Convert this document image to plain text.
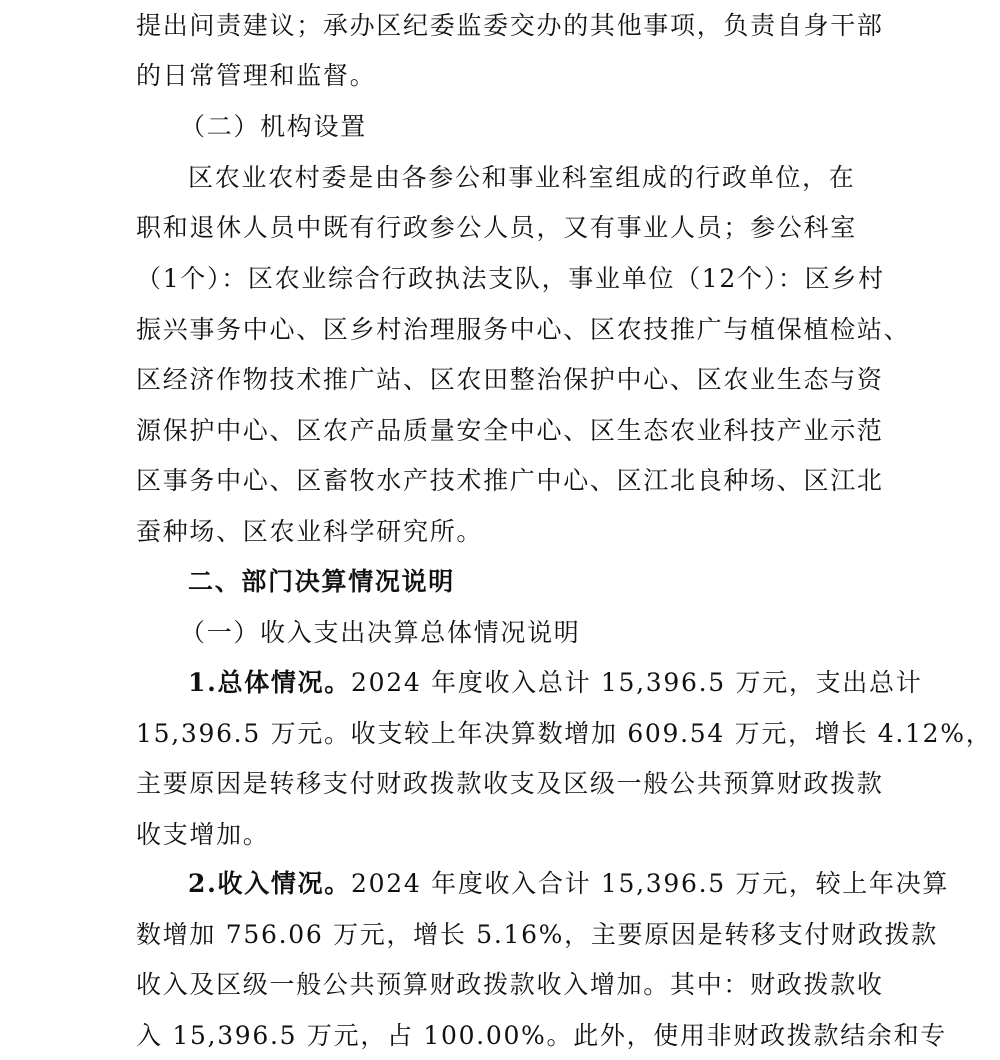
提出问责建议；承办区纪委监委交办的其他事项，负责自身干部
的日常管理和监督。
（二）机构设置
区农业农村委是由各参公和事业科室组成的行政单位，在
职和退休人员中既有行政参公人员，又有事业人员；参公科室
（1个）：区农业综合行政执法支队，事业单位（12个）：区乡村
振兴事务中心、区乡村治理服务中心、区农技推广与植保植检站、
区经济作物技术推广站、区农田整治保护中心、区农业生态与资
源保护中心、区农产品质量安全中心、区生态农业科技产业示范
区事务中心、区畜牧水产技术推广中心、区江北良种场、区江北
蚕种场、区农业科学研究所。
二、部门决算情况说明
（一）收入支出决算总体情况说明
1.总体情况。2024 年度收入总计 15,396.5 万元，支出总计
15,396.5 万元。收支较上年决算数增加 609.54 万元，增长 4.12%，
主要原因是转移支付财政拨款收支及区级一般公共预算财政拨款
收支增加。
2.收入情况。2024 年度收入合计 15,396.5 万元，较上年决算
数增加 756.06 万元，增长 5.16%，主要原因是转移支付财政拨款
收入及区级一般公共预算财政拨款收入增加。其中：财政拨款收
入 15,396.5 万元，占 100.00%。此外，使用非财政拨款结余和专
